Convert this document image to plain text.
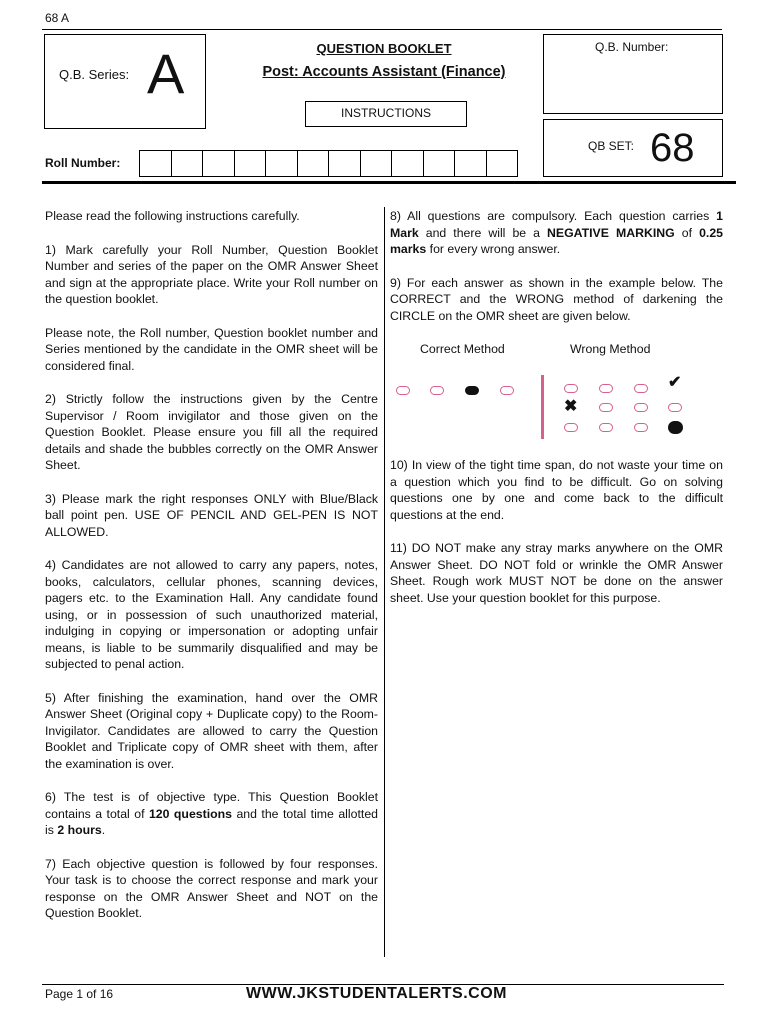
68 A
Q.B. Series: A	QUESTION BOOKLET
Post: Accounts Assistant (Finance)
INSTRUCTIONS
Q.B. Number:
QB SET: 68
Roll Number:

Please read the following instructions carefully.

1) Mark carefully your Roll Number, Question Booklet Number and series of the paper on the OMR Answer Sheet and sign at the appropriate place. Write your Roll number on the question booklet.

Please note, the Roll number, Question booklet number and Series mentioned by the candidate in the OMR sheet will be considered final.

2) Strictly follow the instructions given by the Centre Supervisor / Room invigilator and those given on the Question Booklet. Please ensure you fill all the required details and shade the bubbles correctly on the OMR Answer Sheet.

3) Please mark the right responses ONLY with Blue/Black ball point pen. USE OF PENCIL AND GEL-PEN IS NOT ALLOWED.

4) Candidates are not allowed to carry any papers, notes, books, calculators, cellular phones, scanning devices, pagers etc. to the Examination Hall. Any candidate found using, or in possession of such unauthorized material, indulging in copying or impersonation or adopting unfair means, is liable to be summarily disqualified and may be subjected to penal action.

5) After finishing the examination, hand over the OMR Answer Sheet (Original copy + Duplicate copy) to the Room-Invigilator. Candidates are allowed to carry the Question Booklet and Triplicate copy of OMR sheet with them, after the examination is over.

6) The test is of objective type. This Question Booklet contains a total of 120 questions and the total time allotted is 2 hours.

7) Each objective question is followed by four responses. Your task is to choose the correct response and mark your response on the OMR Answer Sheet and NOT on the Question Booklet.

8) All questions are compulsory. Each question carries 1 Mark and there will be a NEGATIVE MARKING of 0.25 marks for every wrong answer.

9) For each answer as shown in the example below. The CORRECT and the WRONG method of darkening the CIRCLE on the OMR sheet are given below.

Correct Method	Wrong Method
✔
✖

10) In view of the tight time span, do not waste your time on a question which you find to be difficult. Go on solving questions one by one and come back to the difficult questions at the end.

11) DO NOT make any stray marks anywhere on the OMR Answer Sheet. DO NOT fold or wrinkle the OMR Answer Sheet. Rough work MUST NOT be done on the answer sheet. Use your question booklet for this purpose.

Page 1 of 16	WWW.JKSTUDENTALERTS.COM
